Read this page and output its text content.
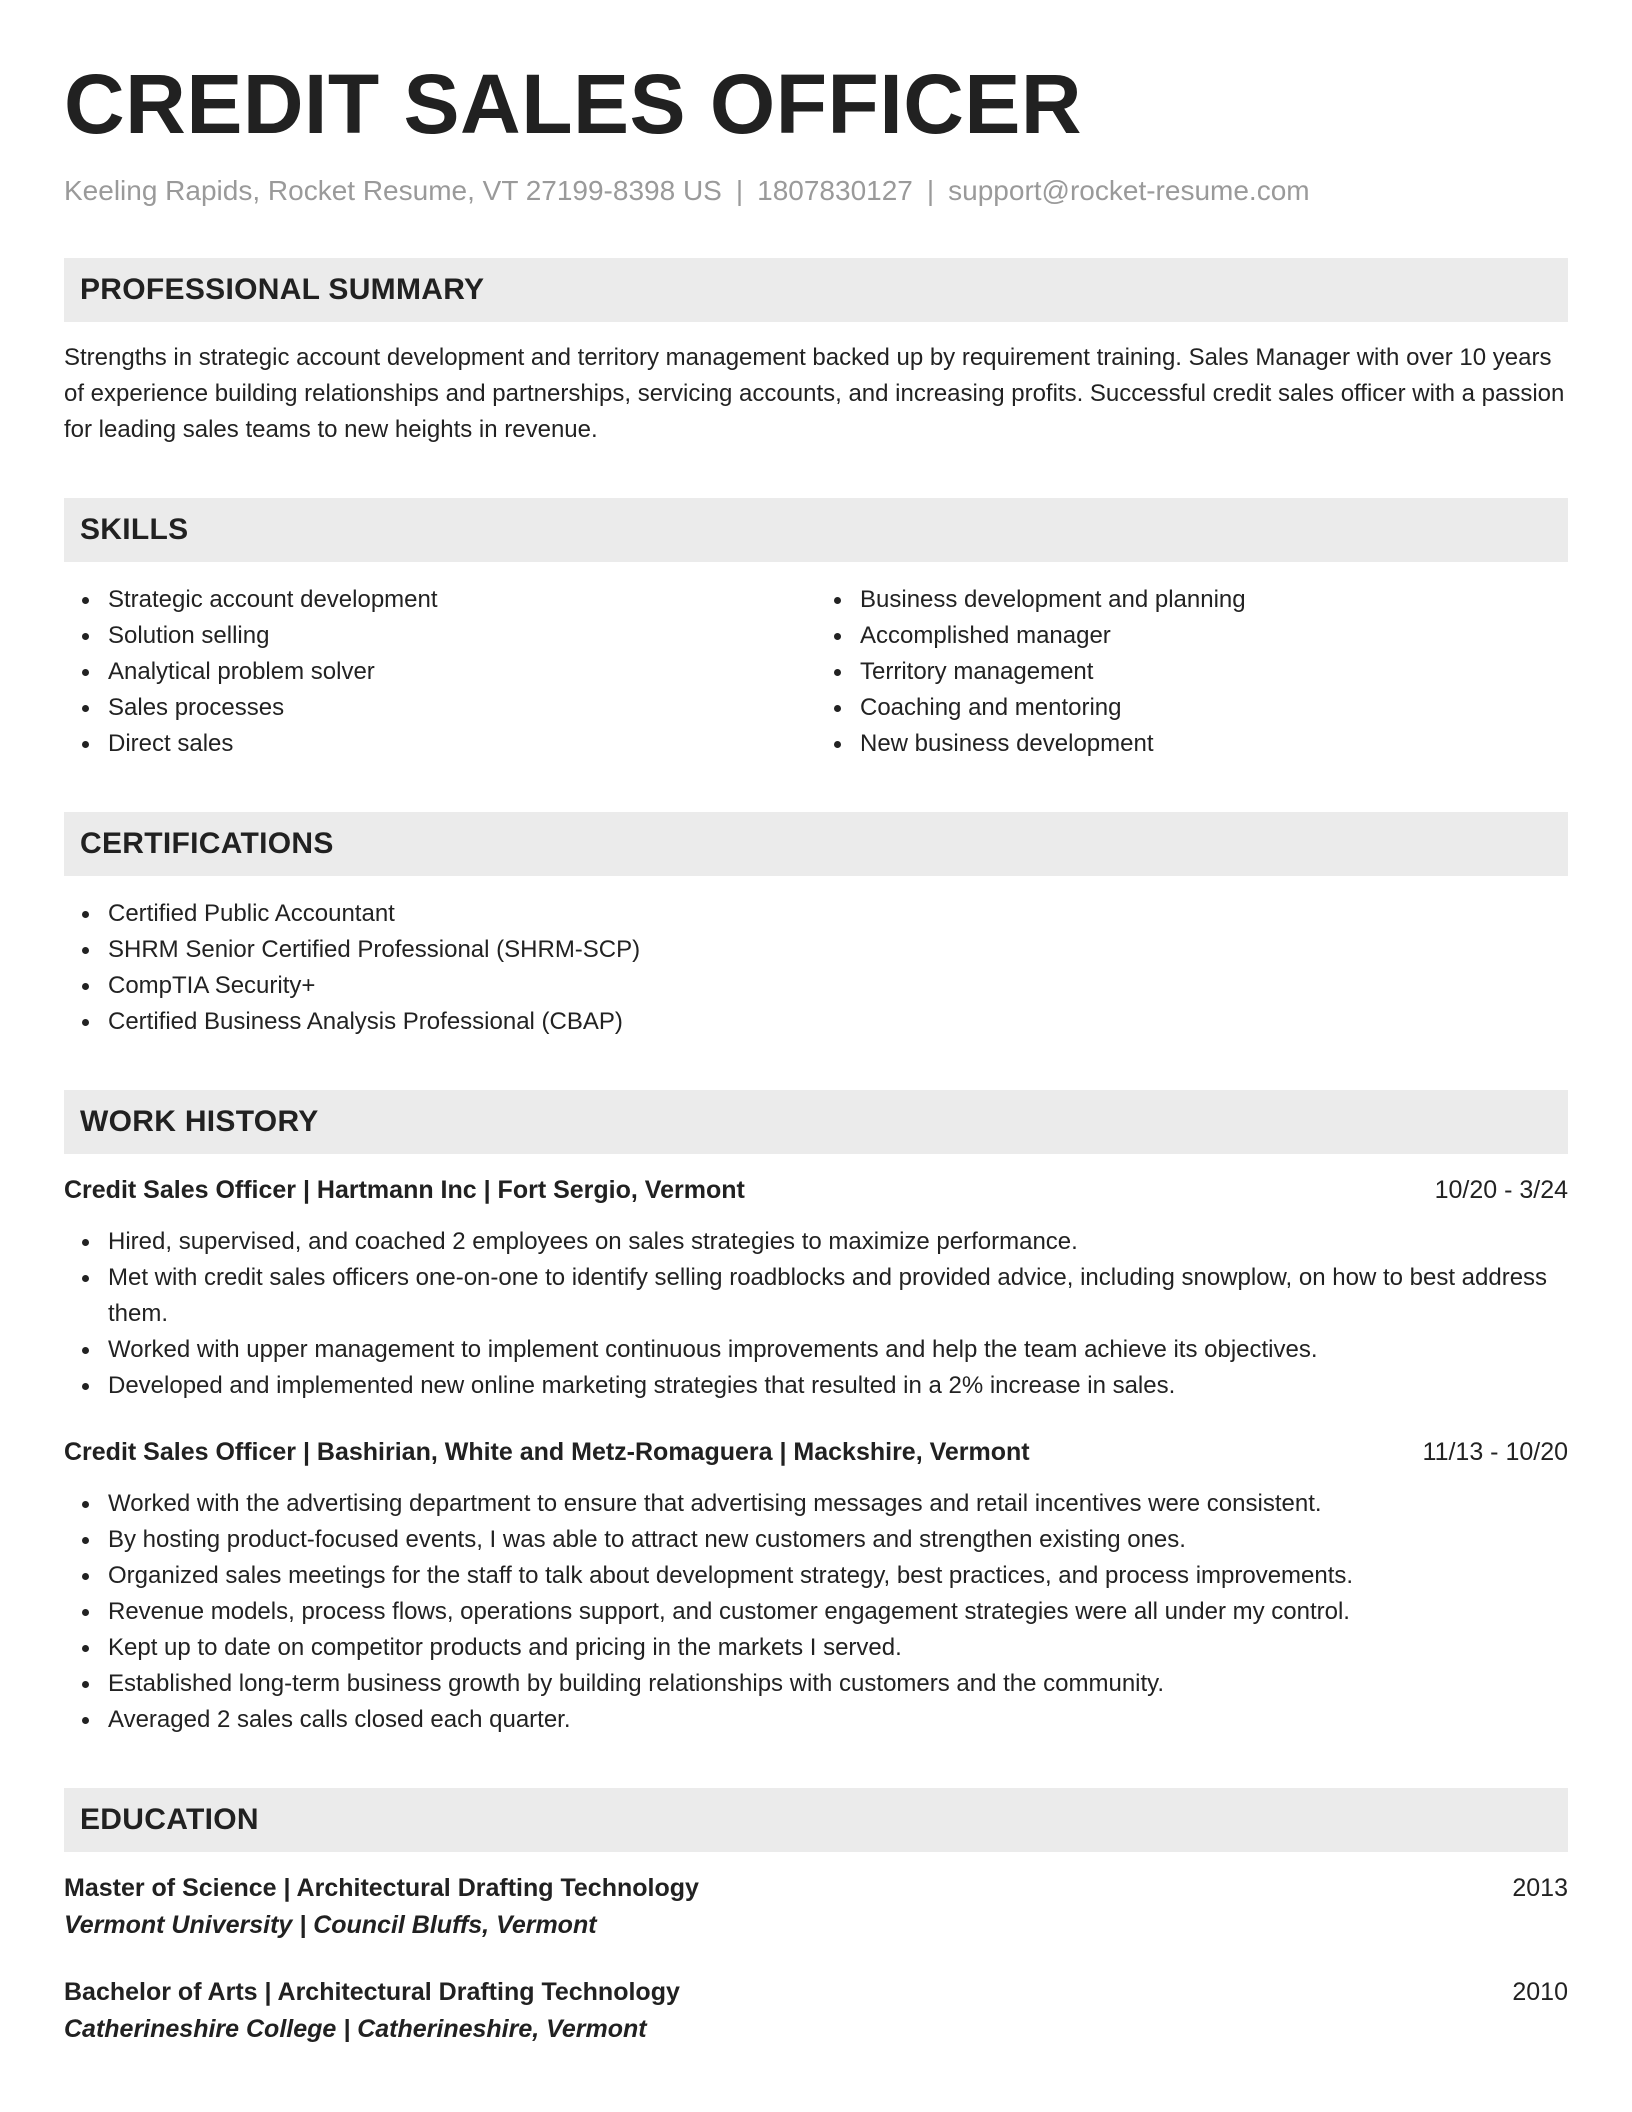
CREDIT SALES OFFICER
Keeling Rapids, Rocket Resume, VT 27199-8398 US | 1807830127 | support@rocket-resume.com
PROFESSIONAL SUMMARY

Strengths in strategic account development and territory management backed up by requirement training. Sales Manager with over 10 years of experience building relationships and partnerships, servicing accounts, and increasing profits. Successful credit sales officer with a passion for leading sales teams to new heights in revenue.

SKILLS
Strategic account development
Solution selling
Analytical problem solver
Sales processes
Direct sales
Business development and planning
Accomplished manager
Territory management
Coaching and mentoring
New business development
CERTIFICATIONS
Certified Public Accountant
SHRM Senior Certified Professional (SHRM-SCP)
CompTIA Security+
Certified Business Analysis Professional (CBAP)
WORK HISTORY
Credit Sales Officer | Hartmann Inc | Fort Sergio, Vermont	10/20 - 3/24
Hired, supervised, and coached 2 employees on sales strategies to maximize performance.
Met with credit sales officers one-on-one to identify selling roadblocks and provided advice, including snowplow, on how to best address them.
Worked with upper management to implement continuous improvements and help the team achieve its objectives.
Developed and implemented new online marketing strategies that resulted in a 2% increase in sales.
Credit Sales Officer | Bashirian, White and Metz-Romaguera | Mackshire, Vermont	11/13 - 10/20
Worked with the advertising department to ensure that advertising messages and retail incentives were consistent.
By hosting product-focused events, I was able to attract new customers and strengthen existing ones.
Organized sales meetings for the staff to talk about development strategy, best practices, and process improvements.
Revenue models, process flows, operations support, and customer engagement strategies were all under my control.
Kept up to date on competitor products and pricing in the markets I served.
Established long-term business growth by building relationships with customers and the community.
Averaged 2 sales calls closed each quarter.
EDUCATION
Master of Science | Architectural Drafting Technology	2013
Vermont University | Council Bluffs, Vermont
Bachelor of Arts | Architectural Drafting Technology	2010
Catherineshire College | Catherineshire, Vermont
